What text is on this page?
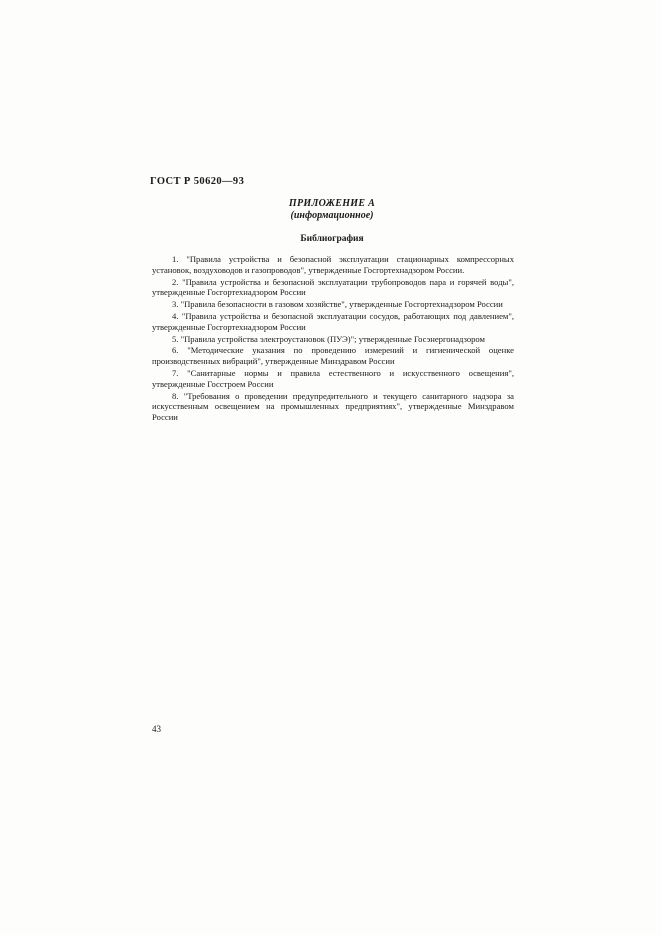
ГОСТ Р 50620—93
ПРИЛОЖЕНИЕ А
(информационное)
Библиография

1. "Правила устройства и безопасной эксплуатации стационарных компрессорных установок, воздуховодов и газопроводов", утвержденные Госгортехнадзором России.

2. "Правила устройства и безопасной эксплуатации трубопроводов пара и горячей воды", утвержденные Госгортехнадзором России

3. "Правила безопасности в газовом хозяйстве", утвержденные Госгортехнадзором России

4. "Правила устройства и безопасной эксплуатации сосудов, работающих под давлением", утвержденные Госгортехнадзором России

5. "Правила устройства электроустановок (ПУЭ)"; утвержденные Госэнергонадзором

6. "Методические указания по проведению измерений и гигиенической оценке производственных вибраций", утвержденные Минздравом России

7. "Санитарные нормы и правила естественного и искусственного освещения", утвержденные Госстроем России

8. "Требования о проведении предупредительного и текущего санитарного надзора за искусственным освещением на промышленных предприятиях", утвержденные Минздравом России

43
